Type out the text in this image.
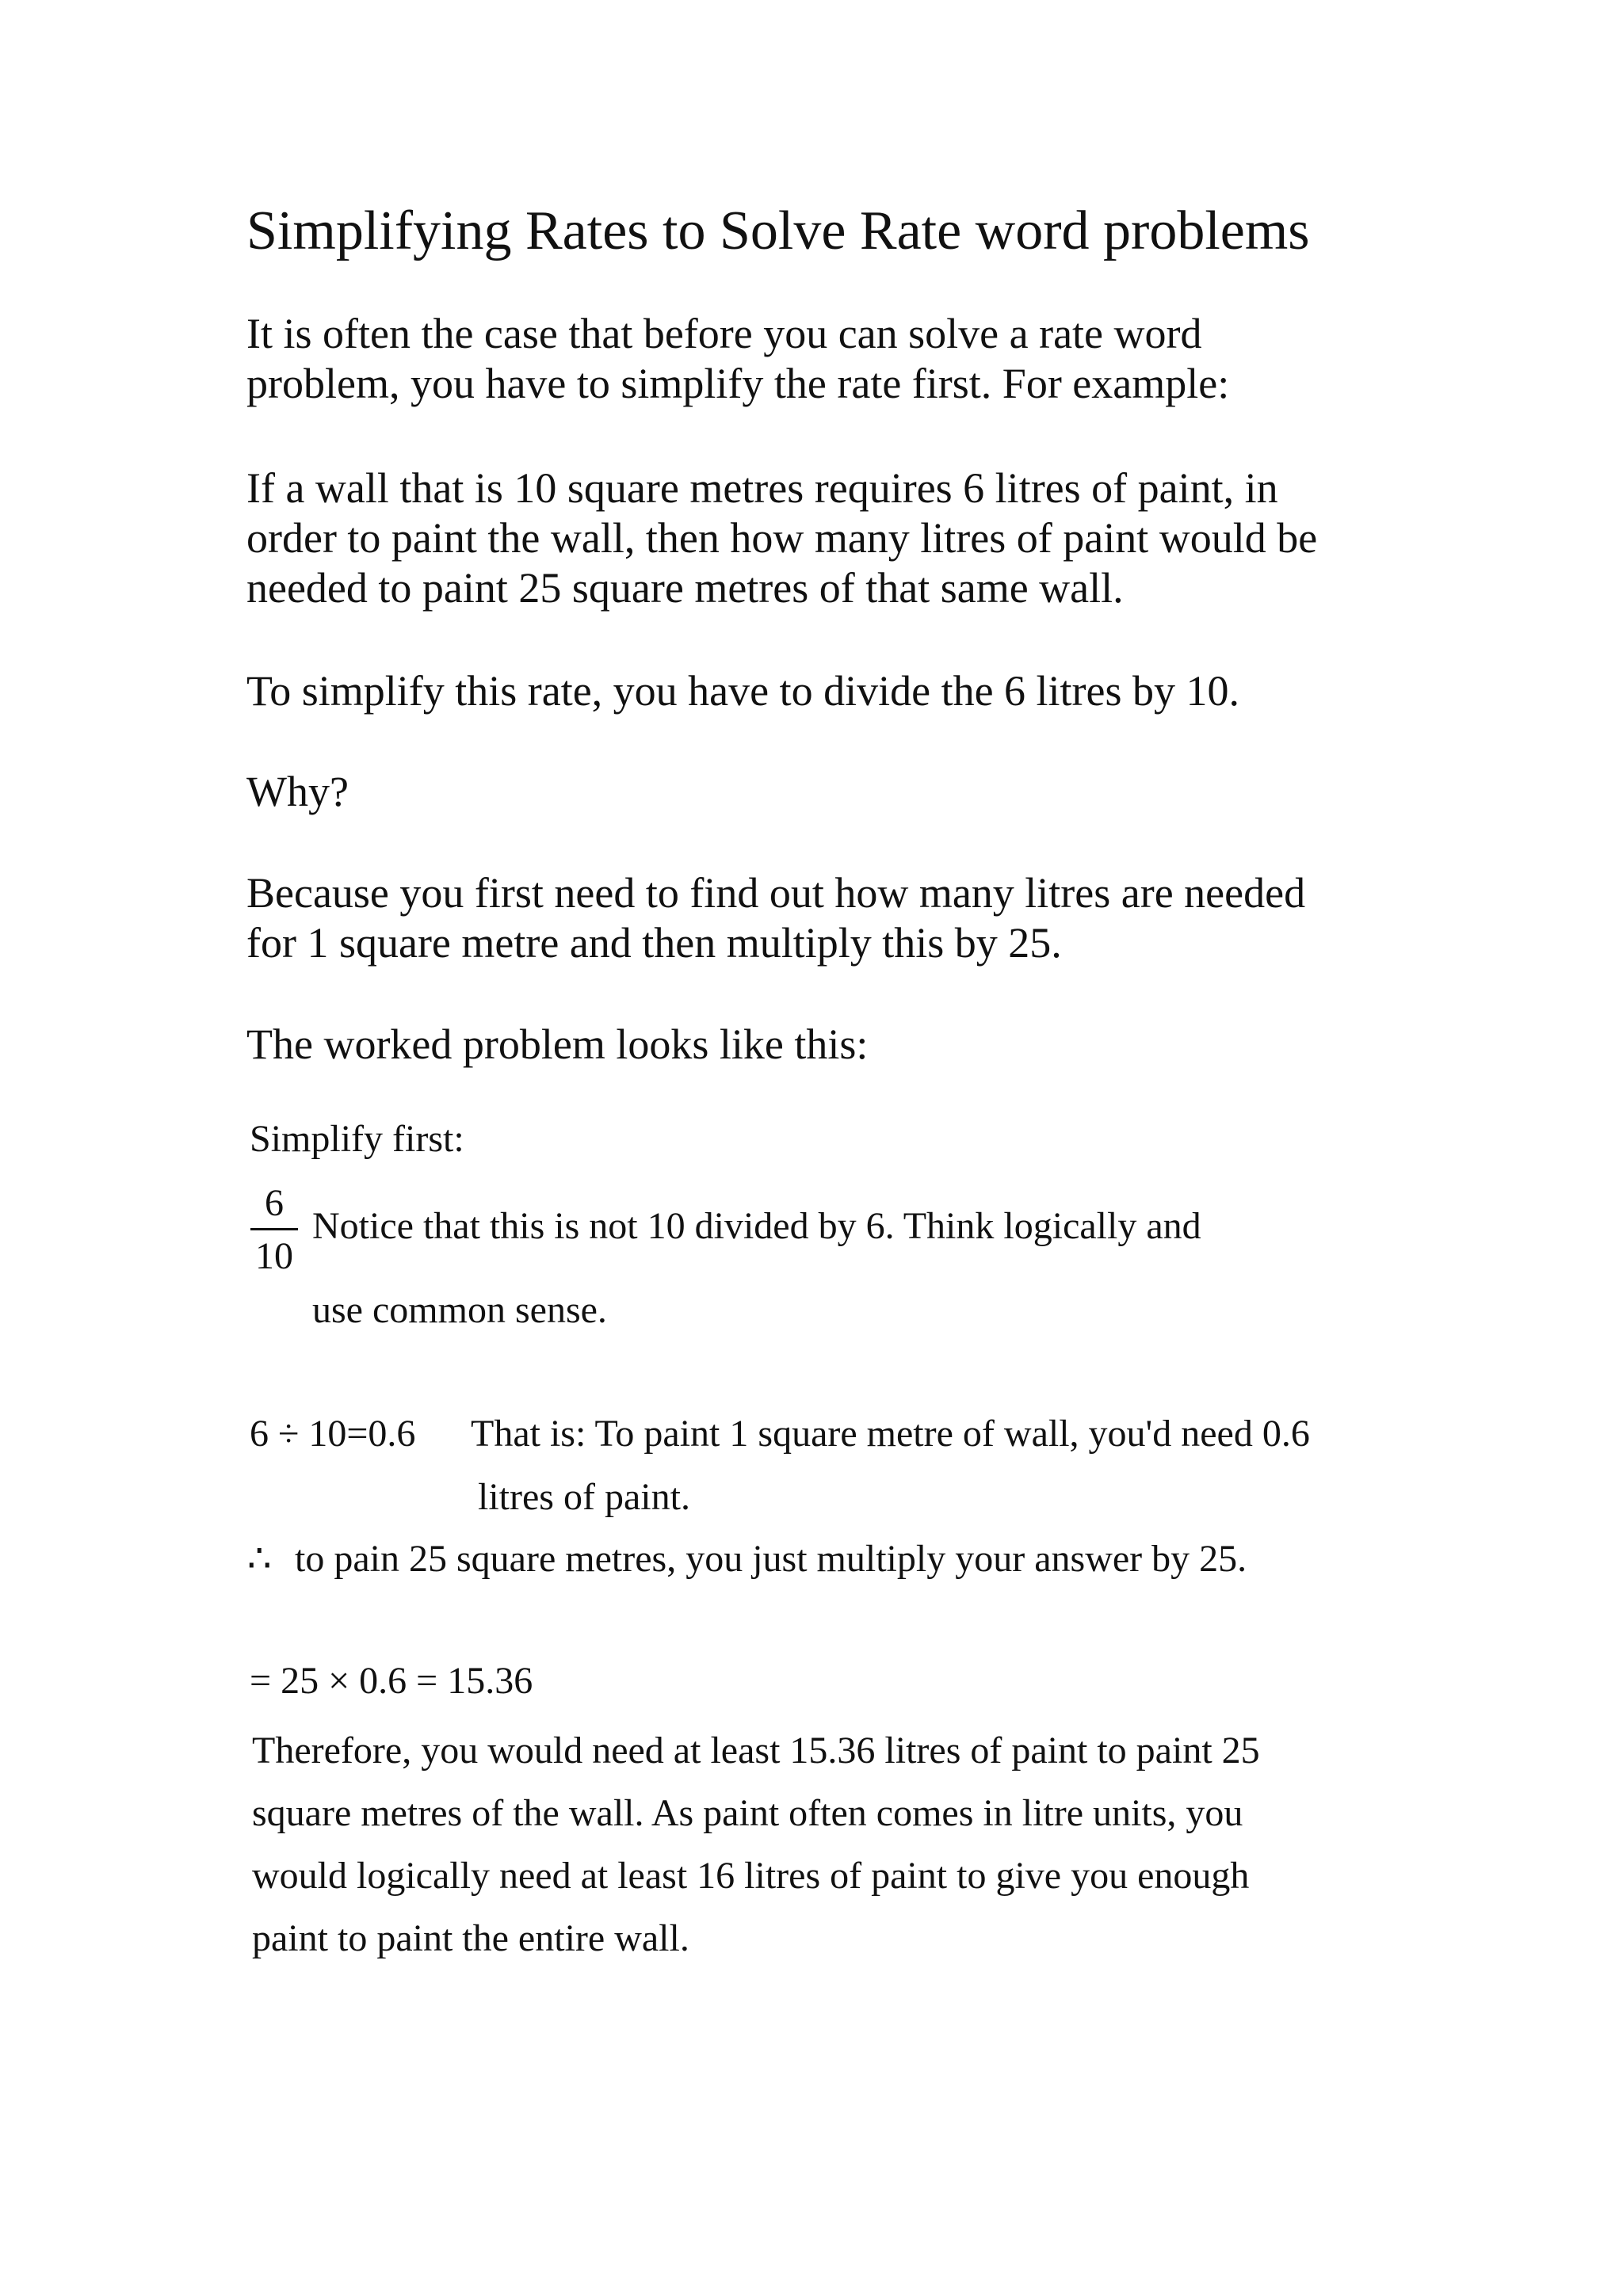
Simplifying Rates to Solve Rate word problems
It is often the case that before you can solve a rate word
problem, you have to simplify the rate first. For example:
If a wall that is 10 square metres requires 6 litres of paint, in
order to paint the wall, then how many litres of paint would be
needed to paint 25 square metres of that same wall.
To simplify this rate, you have to divide the 6 litres by 10.
Why?
Because you first need to find out how many litres are needed
for 1 square metre and then multiply this by 25.
The worked problem looks like this:
Simplify first:
6
10
Notice that this is not 10 divided by 6. Think logically and
use common sense.
6 ÷ 10=0.6 That is: To paint 1 square metre of wall, you'd need 0.6
litres of paint.
∴ to pain 25 square metres, you just multiply your answer by 25.
= 25 × 0.6 = 15.36
Therefore, you would need at least 15.36 litres of paint to paint 25
square metres of the wall. As paint often comes in litre units, you
would logically need at least 16 litres of paint to give you enough
paint to paint the entire wall.
